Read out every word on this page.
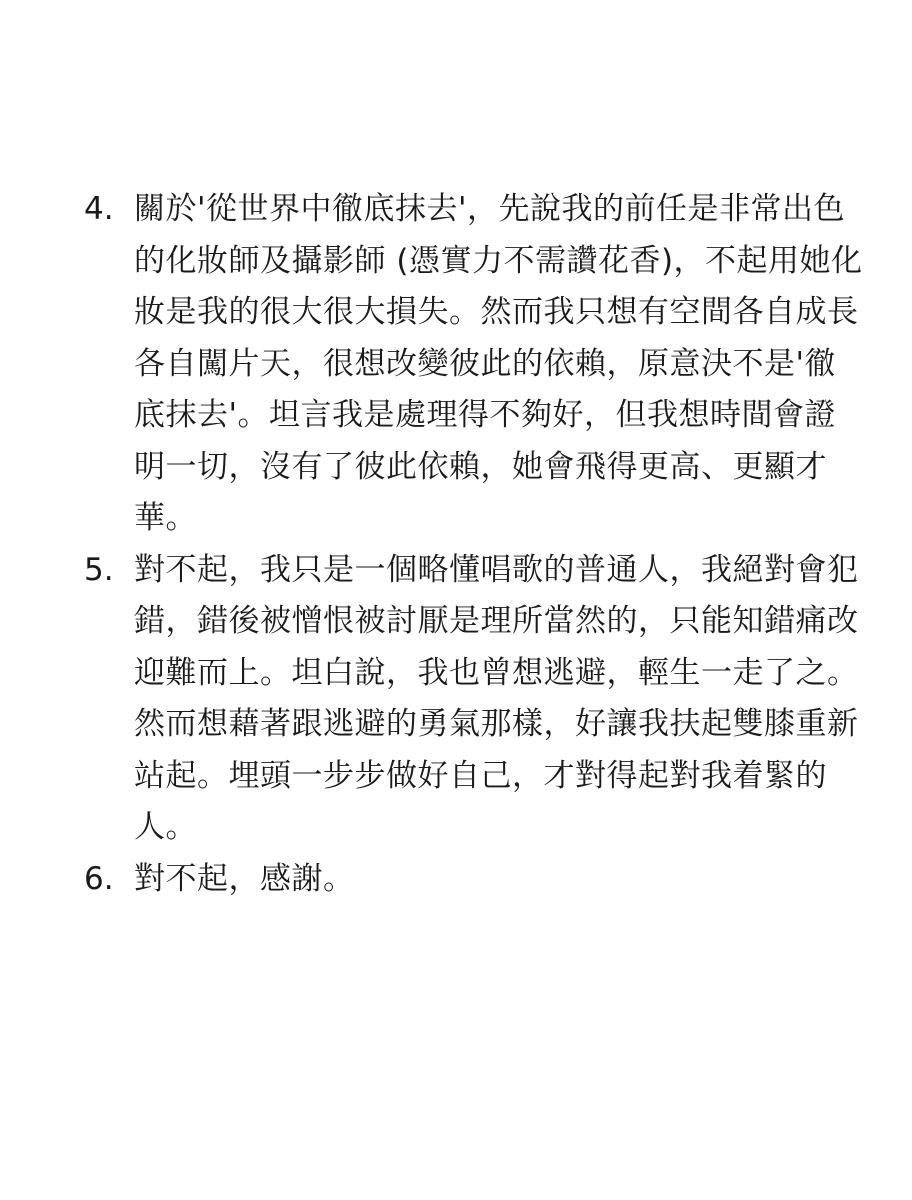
4. 關於'從世界中徹底抹去'，先說我的前任是非常出色的化妝師及攝影師 (憑實力不需讚花香)，不起用她化妝是我的很大很大損失。然而我只想有空間各自成長各自闖片天，很想改變彼此的依賴，原意決不是'徹底抹去'。坦言我是處理得不夠好，但我想時間會證明一切，沒有了彼此依賴，她會飛得更高、更顯才華。
5. 對不起，我只是一個略懂唱歌的普通人，我絕對會犯錯，錯後被憎恨被討厭是理所當然的，只能知錯痛改迎難而上。坦白說，我也曾想逃避，輕生一走了之。然而想藉著跟逃避的勇氣那樣，好讓我扶起雙膝重新站起。埋頭一步步做好自己，才對得起對我着緊的人。
6. 對不起，感謝。
